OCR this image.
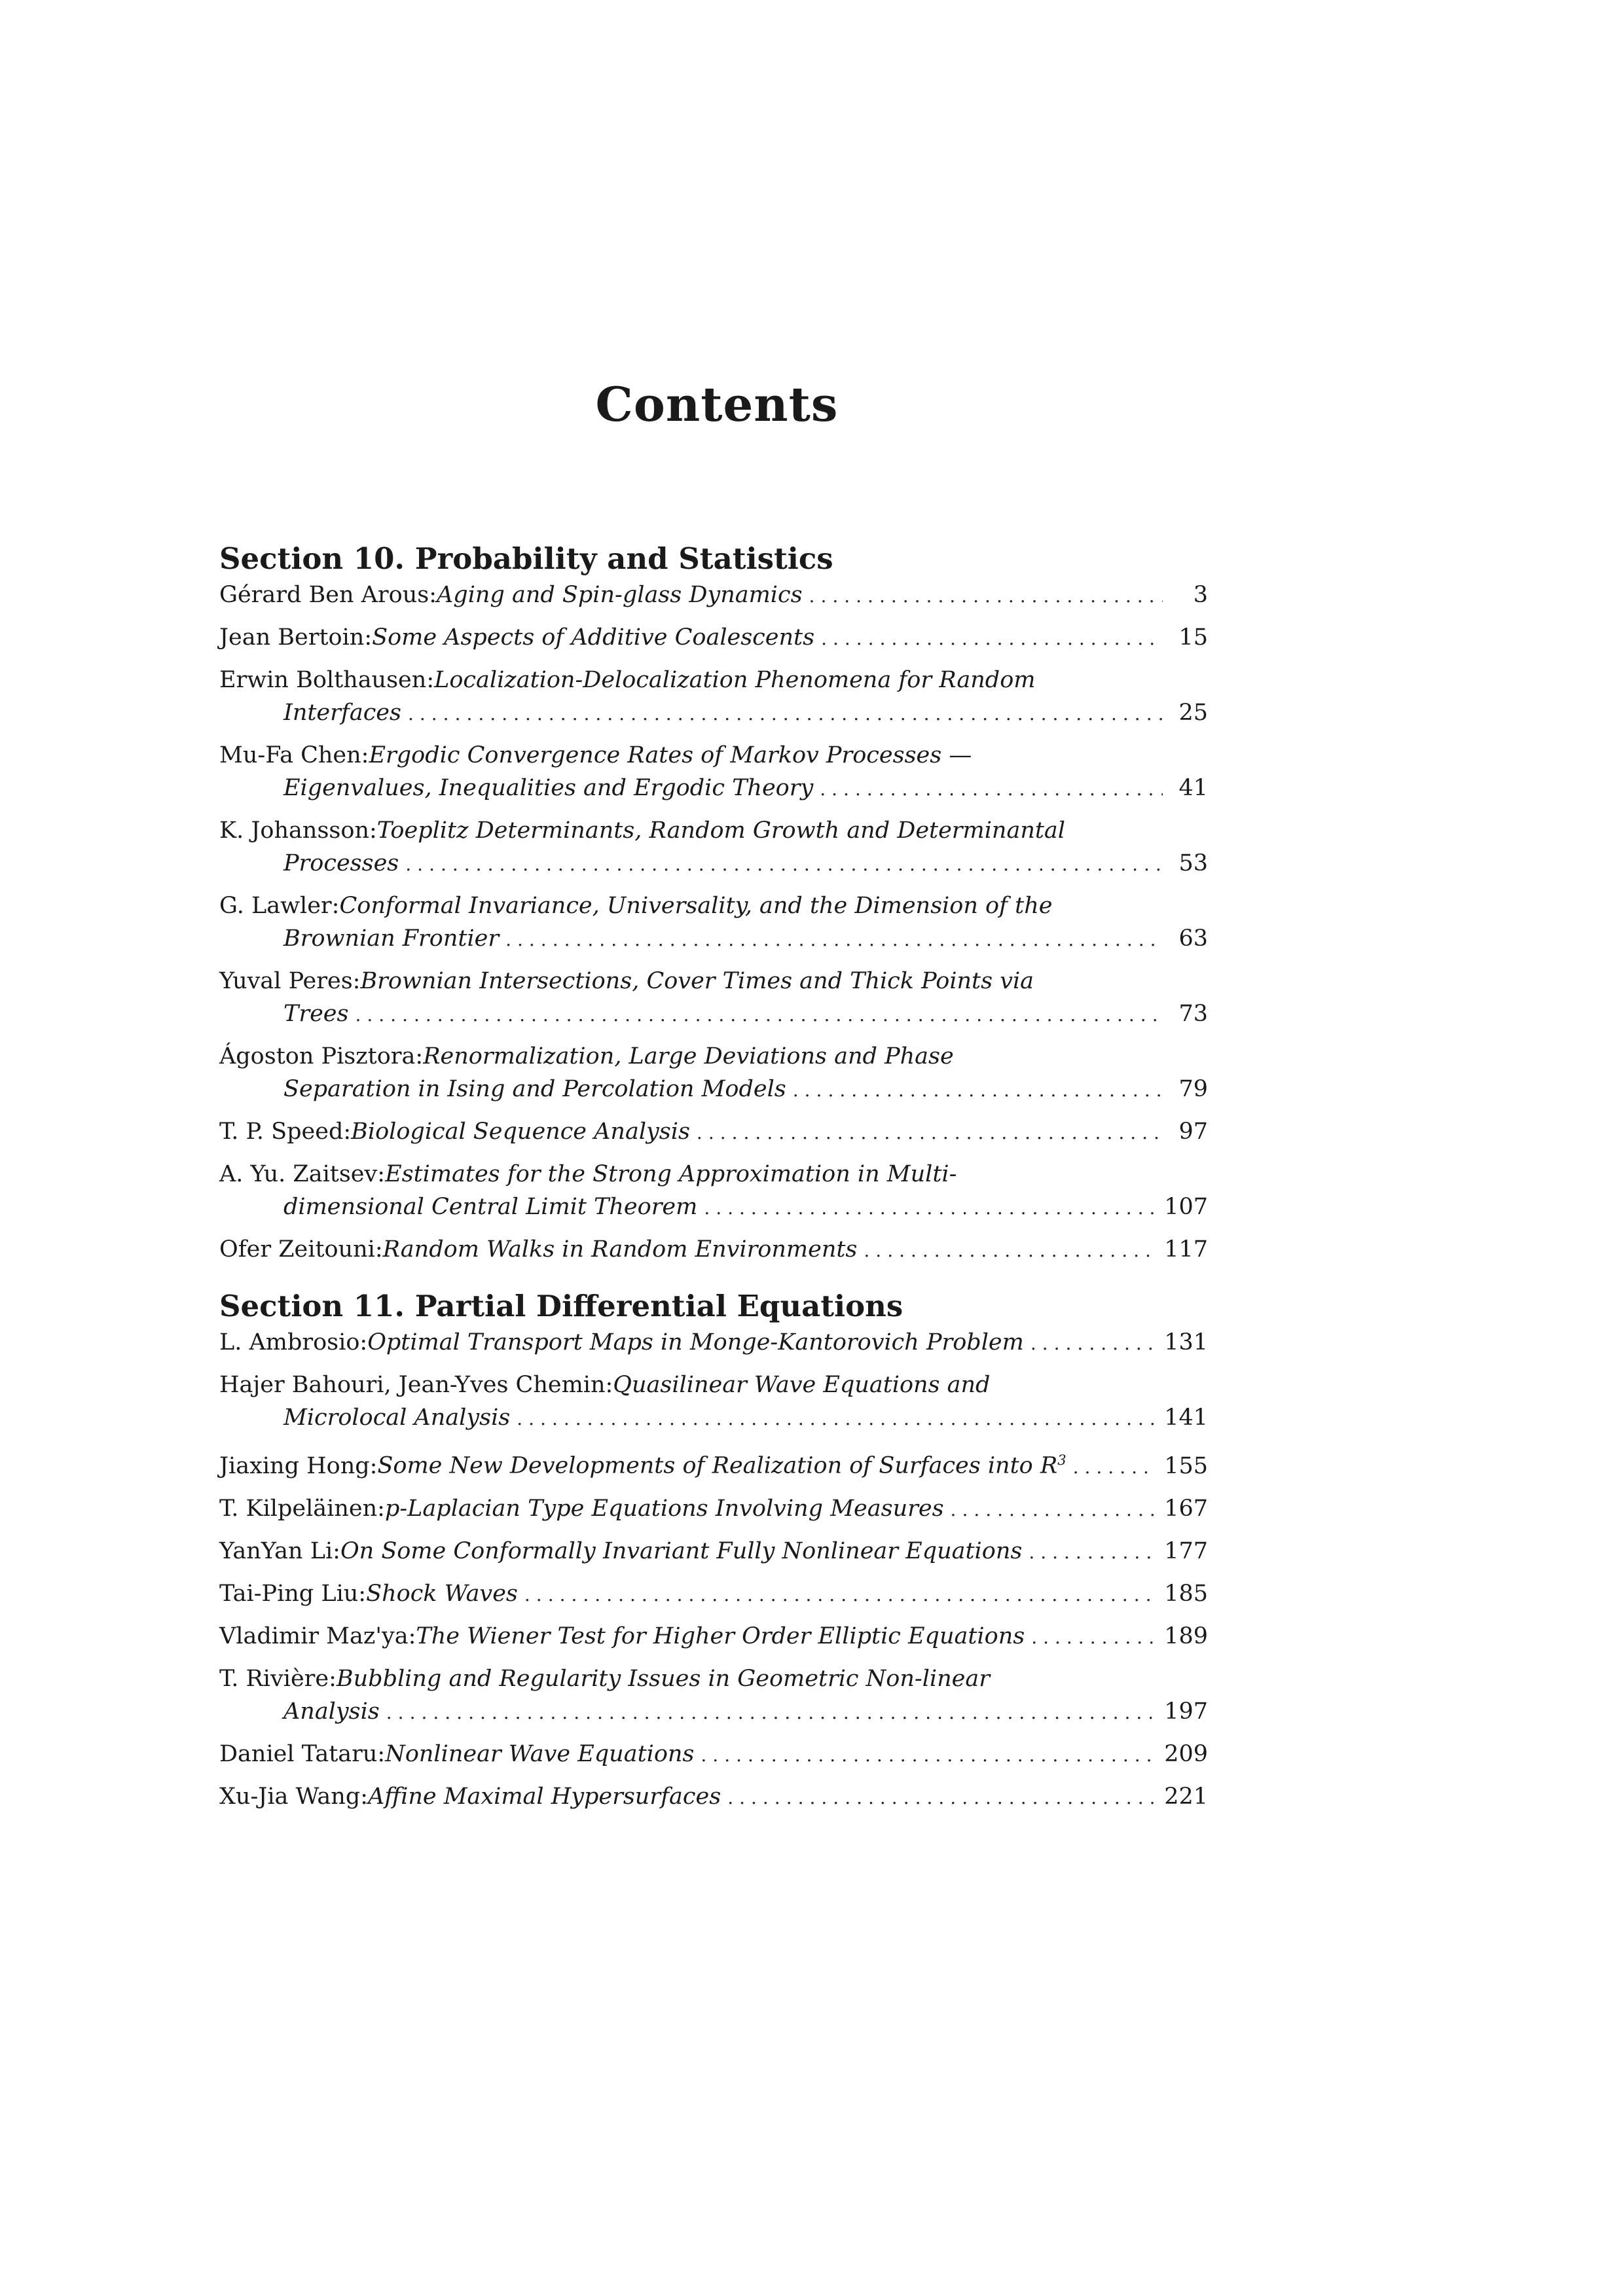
Contents
Section 10. Probability and Statistics
Gérard Ben Arous: Aging and Spin-glass Dynamics .....	3
Jean Bertoin: Some Aspects of Additive Coalescents .....	15
Erwin Bolthausen: Localization-Delocalization Phenomena for Random
Interfaces .....	25
Mu-Fa Chen: Ergodic Convergence Rates of Markov Processes —
Eigenvalues, Inequalities and Ergodic Theory .....	41
K. Johansson: Toeplitz Determinants, Random Growth and Determinantal
Processes .....	53
G. Lawler: Conformal Invariance, Universality, and the Dimension of the
Brownian Frontier .....	63
Yuval Peres: Brownian Intersections, Cover Times and Thick Points via
Trees .....	73
Ágoston Pisztora: Renormalization, Large Deviations and Phase
Separation in Ising and Percolation Models .....	79
T. P. Speed: Biological Sequence Analysis .....	97
A. Yu. Zaitsev: Estimates for the Strong Approximation in Multi-
dimensional Central Limit Theorem .....	107
Ofer Zeitouni: Random Walks in Random Environments .....	117
Section 11. Partial Differential Equations
L. Ambrosio: Optimal Transport Maps in Monge-Kantorovich Problem .....	131
Hajer Bahouri, Jean-Yves Chemin: Quasilinear Wave Equations and
Microlocal Analysis .....	141
Jiaxing Hong: Some New Developments of Realization of Surfaces into $R^3$ .....	155
T. Kilpeläinen: p-Laplacian Type Equations Involving Measures .....	167
YanYan Li: On Some Conformally Invariant Fully Nonlinear Equations .....	177
Tai-Ping Liu: Shock Waves .....	185
Vladimir Maz'ya: The Wiener Test for Higher Order Elliptic Equations .....	189
T. Rivière: Bubbling and Regularity Issues in Geometric Non-linear
Analysis .....	197
Daniel Tataru: Nonlinear Wave Equations .....	209
Xu-Jia Wang: Affine Maximal Hypersurfaces .....	221
